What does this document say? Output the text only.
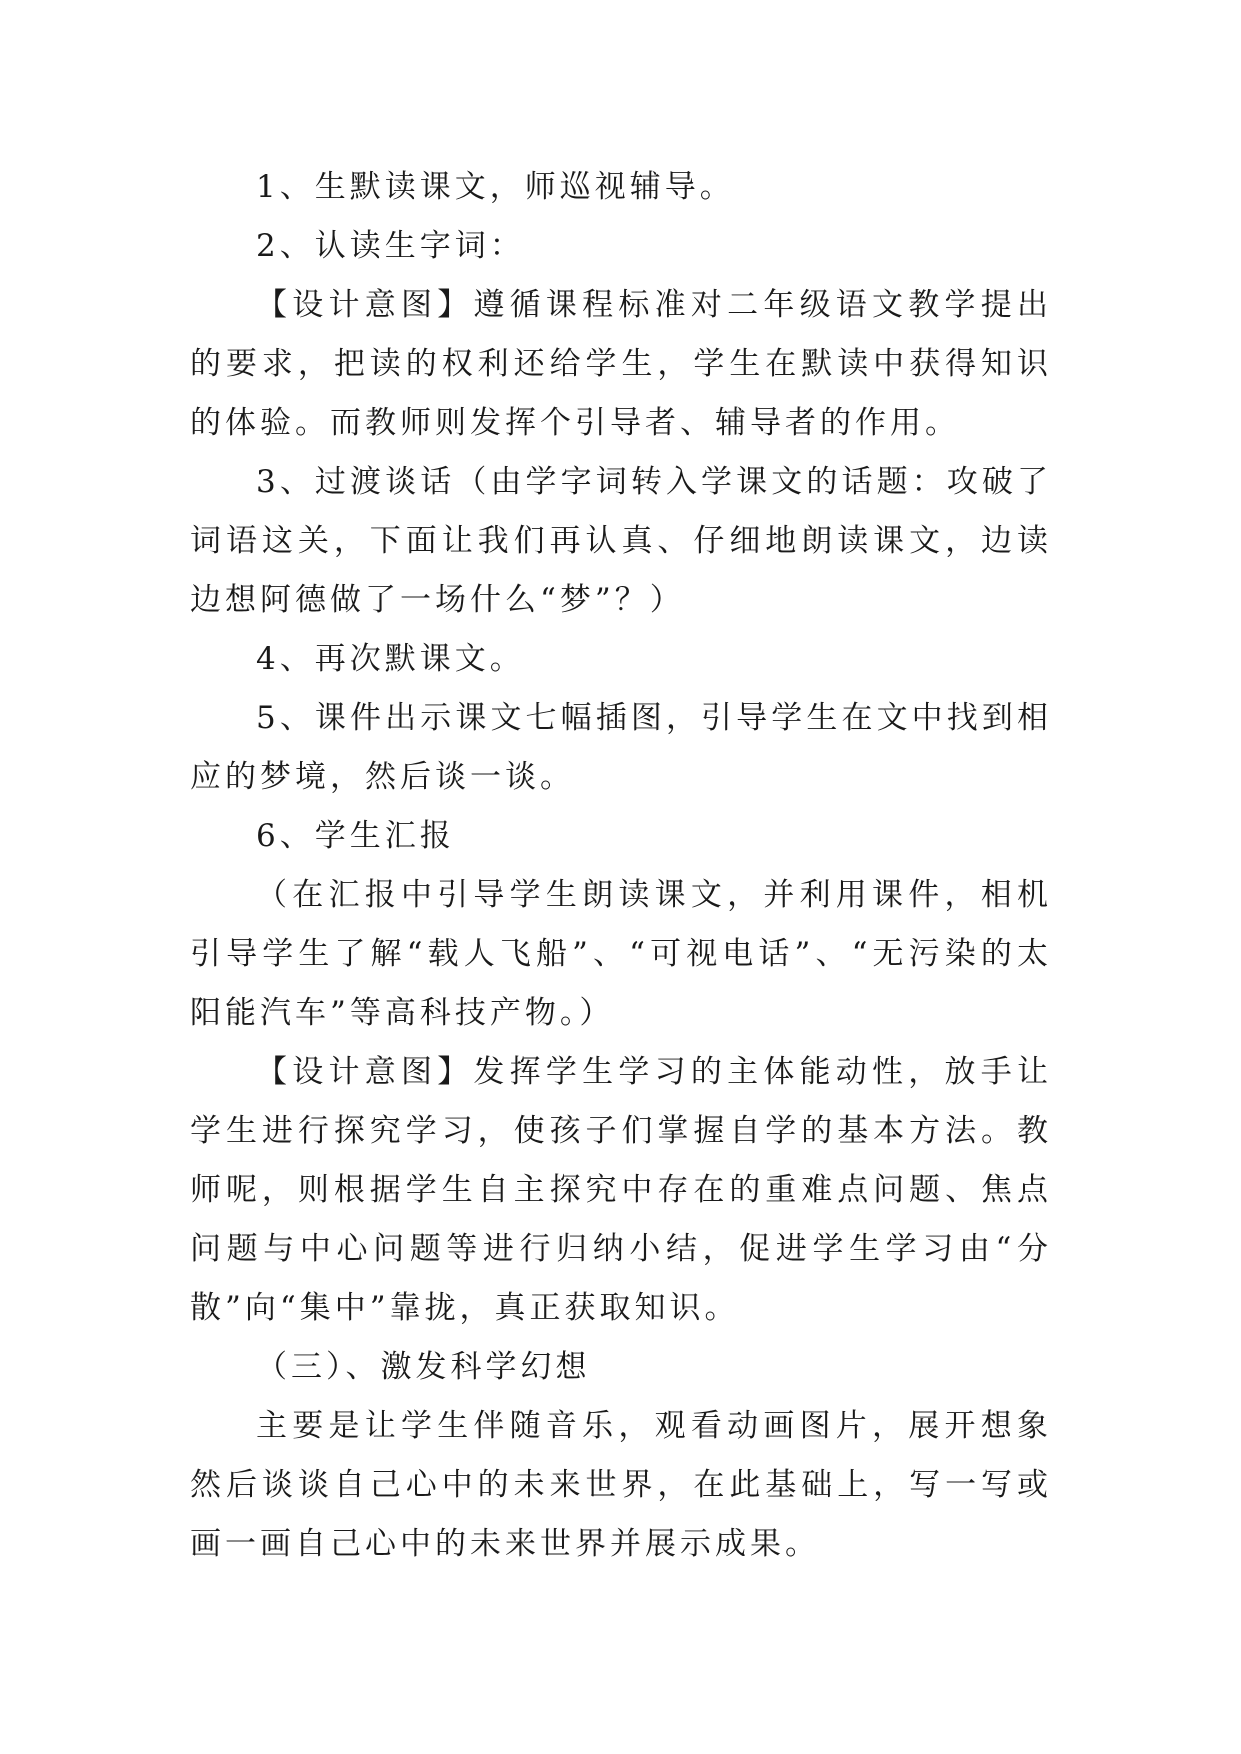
1、生默读课文，师巡视辅导。

2、认读生字词：

【设计意图】遵循课程标准对二年级语文教学提出的要求，把读的权利还给学生，学生在默读中获得知识的体验。而教师则发挥个引导者、辅导者的作用。

3、过渡谈话（由学字词转入学课文的话题：攻破了词语这关，下面让我们再认真、仔细地朗读课文，边读边想阿德做了一场什么“梦”？）

4、再次默课文。

5、课件出示课文七幅插图，引导学生在文中找到相应的梦境，然后谈一谈。

6、学生汇报

（在汇报中引导学生朗读课文，并利用课件，相机引导学生了解“载人飞船”、“可视电话”、“无污染的太阳能汽车”等高科技产物。）

【设计意图】发挥学生学习的主体能动性，放手让学生进行探究学习，使孩子们掌握自学的基本方法。教师呢，则根据学生自主探究中存在的重难点问题、焦点问题与中心问题等进行归纳小结，促进学生学习由“分散”向“集中”靠拢，真正获取知识。

（三）、激发科学幻想

主要是让学生伴随音乐，观看动画图片，展开想象然后谈谈自己心中的未来世界，在此基础上，写一写或画一画自己心中的未来世界并展示成果。
